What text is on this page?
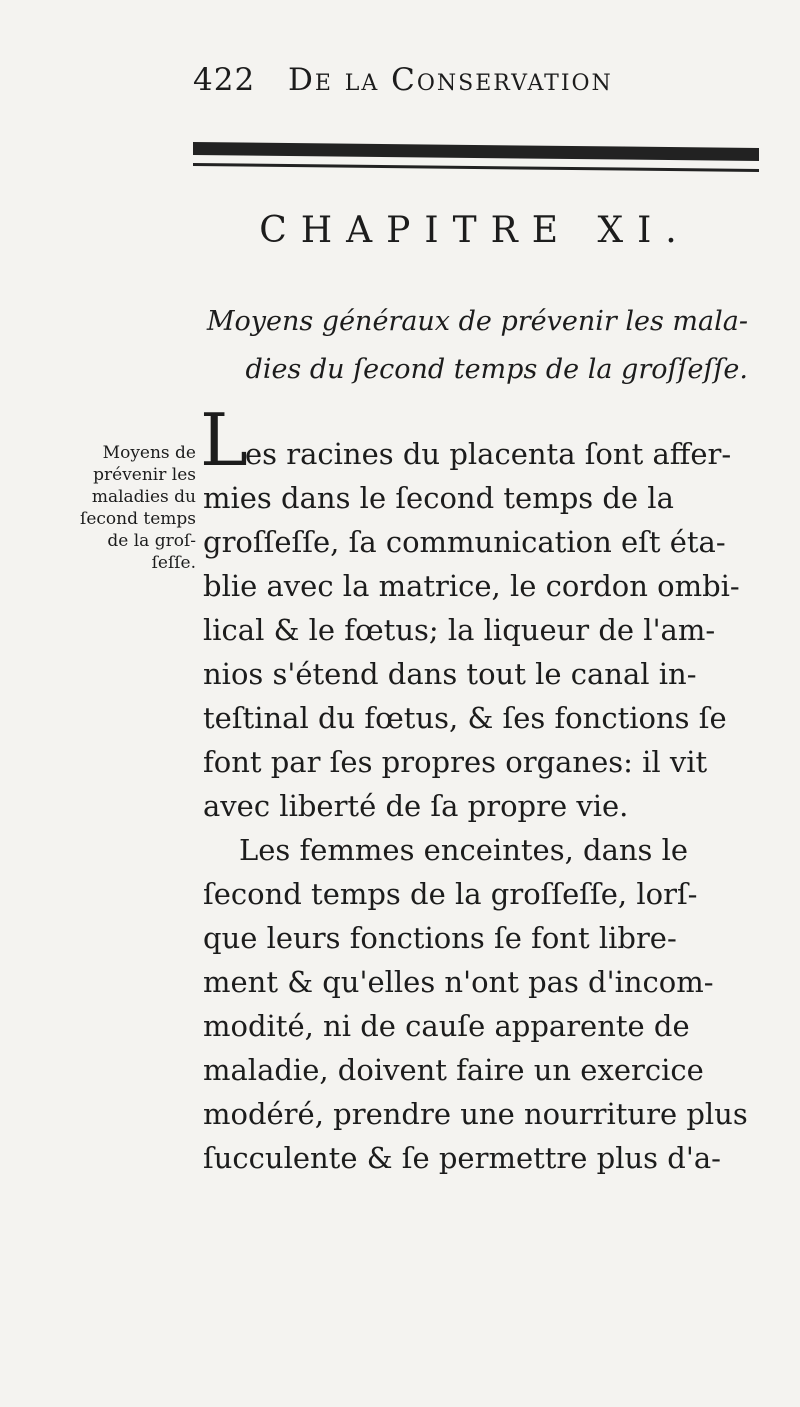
422 De la Conservation
CHAPITRE XI.
Moyens généraux de prévenir les mala-
dies du ſecond temps de la groſſeſſe.
Moyens de
prévenir les
maladies du
ſecond temps
de la groſ-
ſeſſe.
L
es racines du placenta ſont affer-
mies dans le ſecond temps de la
groſſeſſe, ſa communication eſt éta-
blie avec la matrice, le cordon ombi-
lical & le fœtus; la liqueur de l'am-
nios s'étend dans tout le canal in-
teſtinal du fœtus, & ſes fonctions ſe
font par ſes propres organes: il vit
avec liberté de ſa propre vie.
Les femmes enceintes, dans le
ſecond temps de la groſſeſſe, lorſ-
que leurs fonctions ſe font libre-
ment & qu'elles n'ont pas d'incom-
modité, ni de cauſe apparente de
maladie, doivent faire un exercice
modéré, prendre une nourriture plus
ſucculente & ſe permettre plus d'a-
